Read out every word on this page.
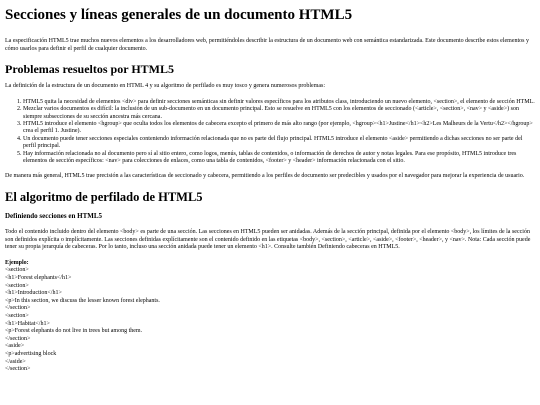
Secciones y líneas generales de un documento HTML5

La especificación HTML5 trae muchos nuevos elementos a los desarrolladores web, permitiéndoles describir la estructura de un documento web con semántica estandarizada. Este documento describe estos elementos y cómo usarlos para definir el perfil de cualquier documento.

Problemas resueltos por HTML5

La definición de la estructura de un documento en HTML 4 y su algoritmo de perfilado es muy tosco y genera numerosos problemas:

1. HTML5 quita la necesidad de elementos <div> para definir secciones semánticas sin definir valores específicos para los atributos class, introduciendo un nuevo elemento, <section>, el elemento de sección HTML.
2. Mezclar varios documentos es difícil: la inclusión de un sub-documento en un documento principal. Esto se resuelve en HTML5 con los elementos de seccionado (<article>, <section>, <nav> y <aside>) son siempre subsecciones de su sección ancestra más cercana.
3. HTML5 introduce el elemento <hgroup> que oculta todos los elementos de cabecera excepto el primero de más alto rango (por ejemplo, <hgroup><h1>Justine</h1><h2>Les Malheurs de la Vertu</h2></hgroup> crea el perfil 1. Justine).
4. Un documento puede tener secciones especiales conteniendo información relacionada que no es parte del flujo principal. HTML5 introduce el elemento <aside> permitiendo a dichas secciones no ser parte del perfil principal.
5. Hay información relacionada no al documento pero sí al sitio entero, como logos, menús, tablas de contenidos, o información de derechos de autor y notas legales. Para ese propósito, HTML5 introduce tres elementos de sección específicos: <nav> para colecciones de enlaces, como una tabla de contenidos, <footer> y <header> información relacionada con el sitio.

De manera más general, HTML5 trae precisión a las características de seccionado y cabecera, permitiendo a los perfiles de documento ser predecibles y usados por el navegador para mejorar la experiencia de usuario.

El algoritmo de perfilado de HTML5
Definiendo secciones en HTML5

Todo el contenido incluido dentro del elemento <body> es parte de una sección. Las secciones en HTML5 pueden ser anidadas. Además de la sección principal, definida por el elemento <body>, los límites de la sección son definidos explícita o implícitamente. Las secciones definidas explícitamente son el contenido definido en las etiquetas <body>, <section>, <article>, <aside>, <footer>, <header>, y <nav>. Nota: Cada sección puede tener su propia jerarquía de cabeceras. Por lo tanto, incluso una sección anidada puede tener un elemento <h1>. Consulte también Definiendo cabeceras en HTML5.

Ejemplo:
<section>
<h1>Forest elephants</h1>
<section>
<h1>Introduction</h1>
<p>In this section, we discuss the lesser known forest elephants.
</section>
<section>
<h1>Habitat</h1>
<p>Forest elephants do not live in trees but among them.
</section>
<aside>
<p>advertising block
</aside>
</section>
